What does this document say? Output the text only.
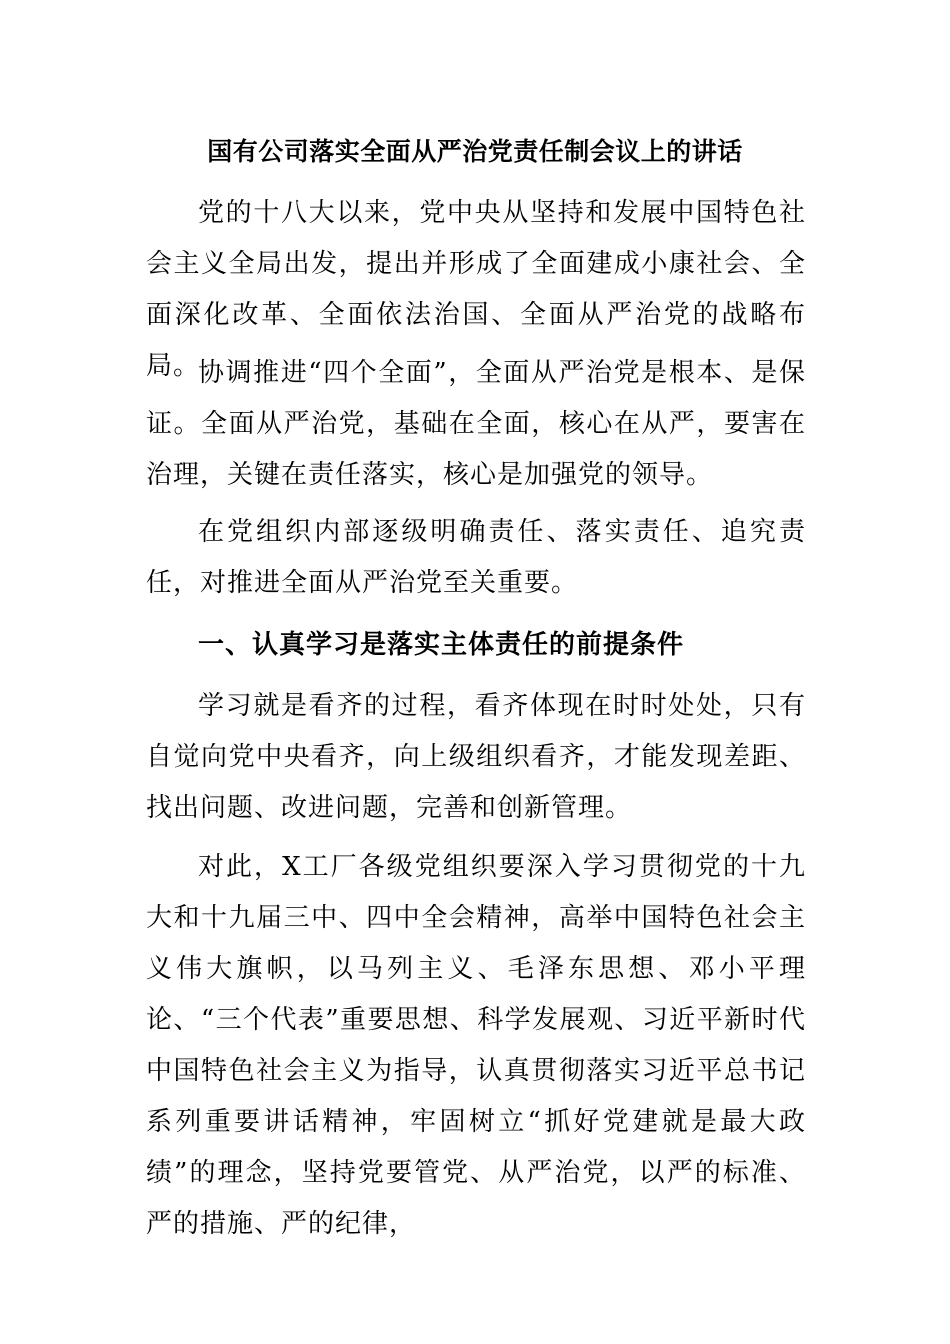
国有公司落实全面从严治党责任制会议上的讲话

党的十八大以来，党中央从坚持和发展中国特色社会主义全局出发，提出并形成了全面建成小康社会、全面深化改革、全面依法治国、全面从严治党的战略布局。

协调推进“四个全面”，全面从严治党是根本、是保证。全面从严治党，基础在全面，核心在从严，要害在治理，关键在责任落实，核心是加强党的领导。

在党组织内部逐级明确责任、落实责任、追究责任，对推进全面从严治党至关重要。

一、认真学习是落实主体责任的前提条件

学习就是看齐的过程，看齐体现在时时处处，只有自觉向党中央看齐，向上级组织看齐，才能发现差距、找出问题、改进问题，完善和创新管理。

对此，X工厂各级党组织要深入学习贯彻党的十九大和十九届三中、四中全会精神，高举中国特色社会主义伟大旗帜，以马列主义、毛泽东思想、邓小平理论、“三个代表”重要思想、科学发展观、习近平新时代中国特色社会主义为指导，认真贯彻落实习近平总书记系列重要讲话精神，牢固树立“抓好党建就是最大政绩”的理念，坚持党要管党、从严治党，以严的标准、严的措施、严的纪律，
